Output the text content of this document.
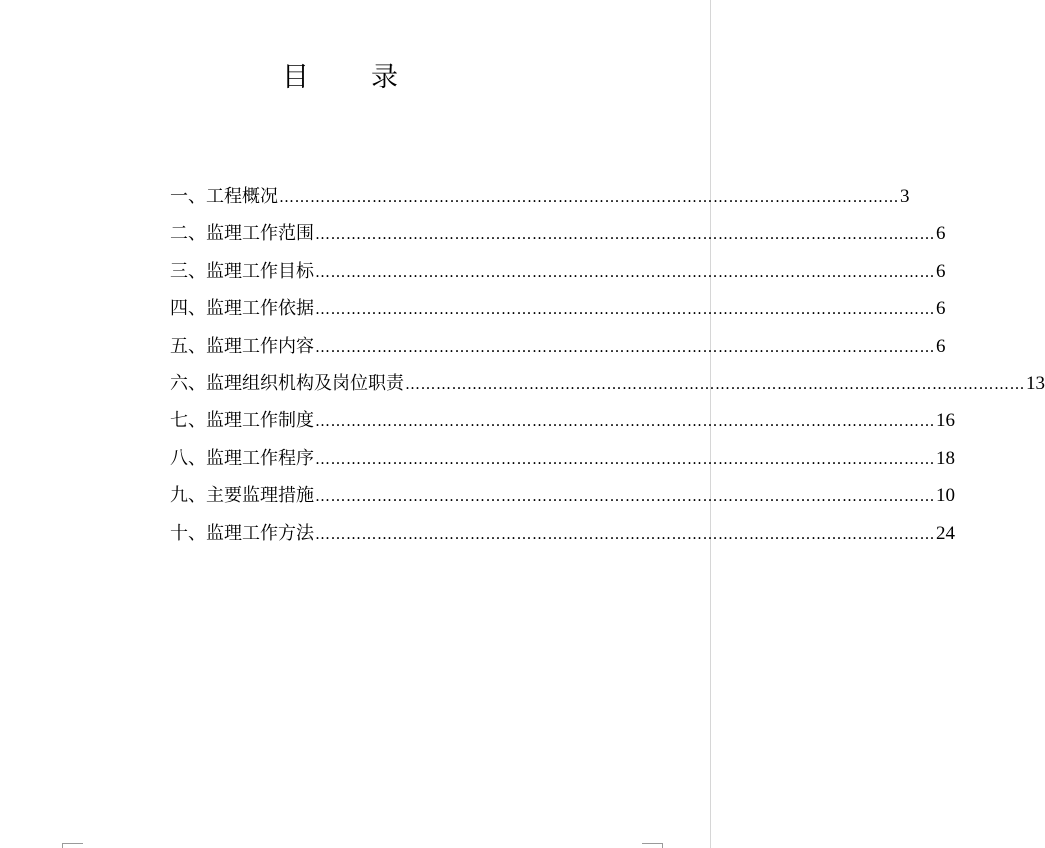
目 录
一、工程概况 ………………………………………………………………………………………………………… 3
二、监理工作范围 ………………………………………………………………………………………………………… 6
三、监理工作目标 ………………………………………………………………………………………………………… 6
四、监理工作依据 ………………………………………………………………………………………………………… 6
五、监理工作内容 ………………………………………………………………………………………………………… 6
六、监理组织机构及岗位职责 ………………………………………………………………………………………………………… 13
七、监理工作制度 ………………………………………………………………………………………………………… 16
八、监理工作程序 ………………………………………………………………………………………………………… 18
九、主要监理措施 ………………………………………………………………………………………………………… 10
十、监理工作方法 ………………………………………………………………………………………………………… 24
